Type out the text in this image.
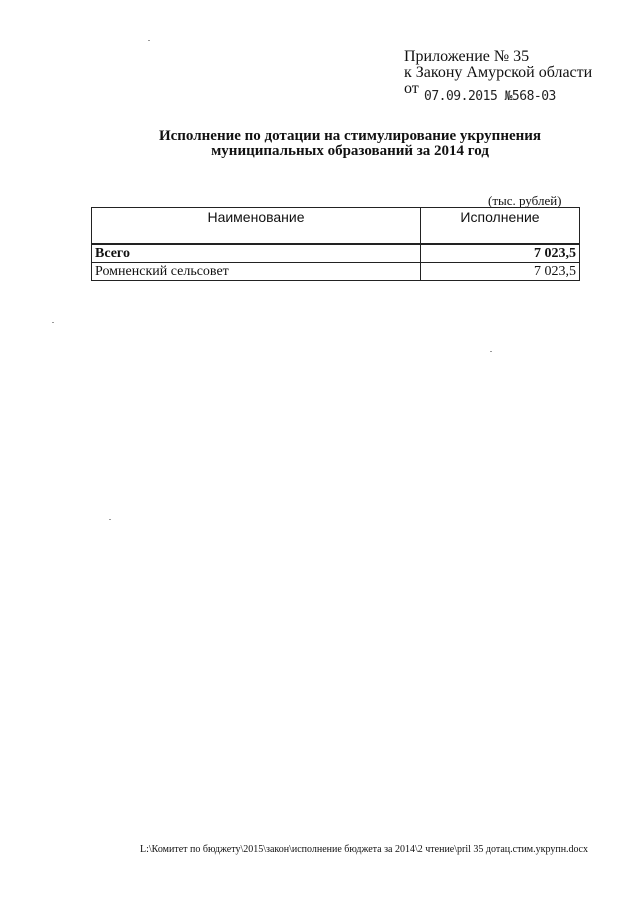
Приложение № 35
к Закону Амурской области
от 07.09.2015 №568-03
Исполнение по дотации на стимулирование укрупнения муниципальных образований за 2014 год
(тыс. рублей)
Наименование	Исполнение
Всего	7 023,5
Ромненский сельсовет	7 023,5
L:\Комитет по бюджету\2015\закон\исполнение бюджета за 2014\2 чтение\pril 35 дотац.стим.укрупн.docx
